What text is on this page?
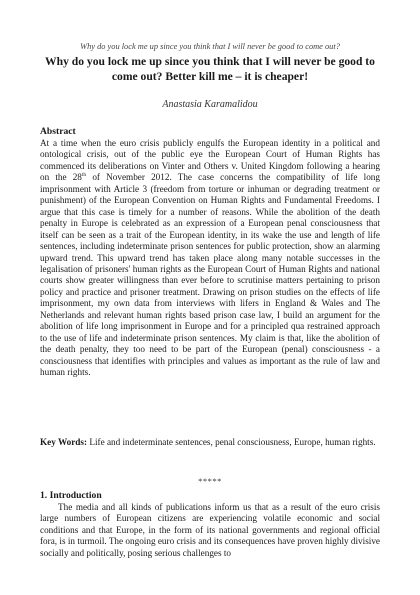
Why do you lock me up since you think that I will never be good to come out?
Why do you lock me up since you think that I will never be good to come out? Better kill me – it is cheaper!
Anastasia Karamalidou
Abstract

At a time when the euro crisis publicly engulfs the European identity in a political and ontological crisis, out of the public eye the European Court of Human Rights has commenced its deliberations on Vinter and Others v. United Kingdom following a hearing on the 28th of November 2012. The case concerns the compatibility of life long imprisonment with Article 3 (freedom from torture or inhuman or degrading treatment or punishment) of the European Convention on Human Rights and Fundamental Freedoms. I argue that this case is timely for a number of reasons. While the abolition of the death penalty in Europe is celebrated as an expression of a European penal consciousness that itself can be seen as a trait of the European identity, in its wake the use and length of life sentences, including indeterminate prison sentences for public protection, show an alarming upward trend. This upward trend has taken place along many notable successes in the legalisation of prisoners' human rights as the European Court of Human Rights and national courts show greater willingness than ever before to scrutinise matters pertaining to prison policy and practice and prisoner treatment. Drawing on prison studies on the effects of life imprisonment, my own data from interviews with lifers in England & Wales and The Netherlands and relevant human rights based prison case law, I build an argument for the abolition of life long imprisonment in Europe and for a principled qua restrained approach to the use of life and indeterminate prison sentences. My claim is that, like the abolition of the death penalty, they too need to be part of the European (penal) consciousness - a consciousness that identifies with principles and values as important as the rule of law and human rights.

Key Words: Life and indeterminate sentences, penal consciousness, Europe, human rights.

*****
1. Introduction

The media and all kinds of publications inform us that as a result of the euro crisis large numbers of European citizens are experiencing volatile economic and social conditions and that Europe, in the form of its national governments and regional official fora, is in turmoil. The ongoing euro crisis and its consequences have proven highly divisive socially and politically, posing serious challenges to
